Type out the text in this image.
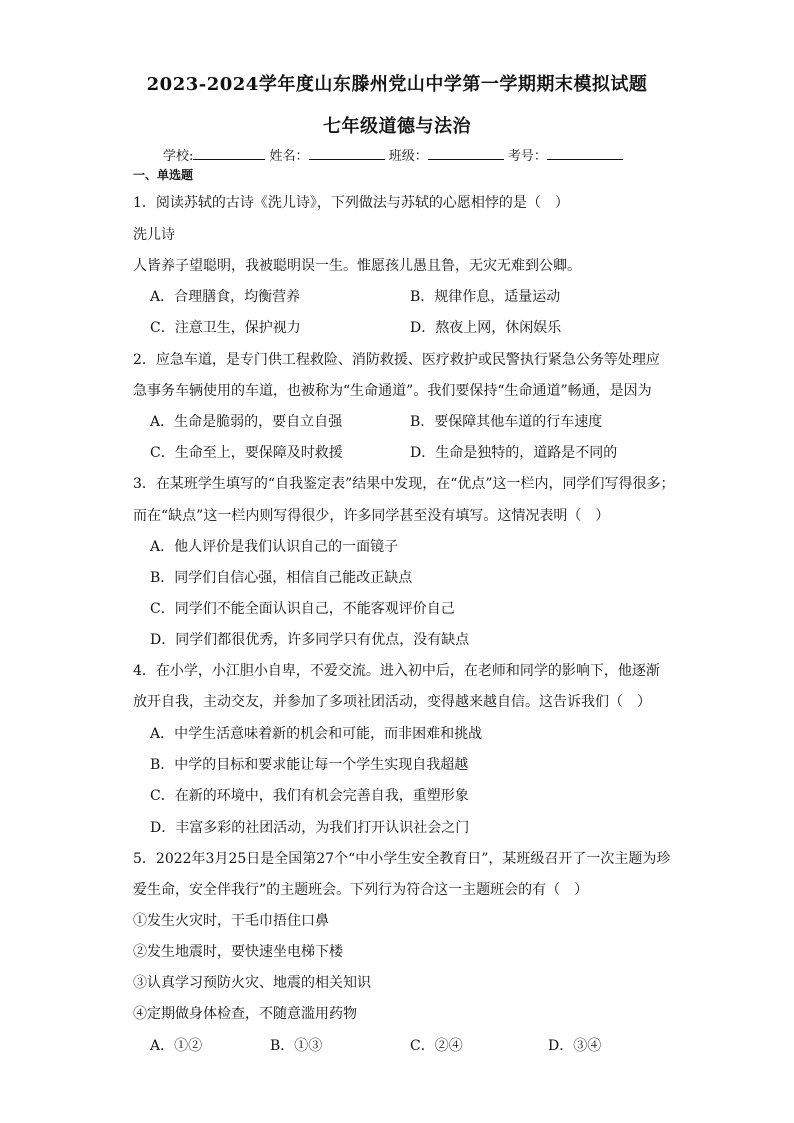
2023-2024学年度山东滕州党山中学第一学期期末模拟试题
七年级道德与法治
学校:	姓名：	班级：	考号：
一、单选题
1．阅读苏轼的古诗《洗儿诗》，下列做法与苏轼的心愿相悖的是（　）
洗儿诗
人皆养子望聪明，我被聪明误一生。惟愿孩儿愚且鲁，无灾无难到公卿。
A．合理膳食，均衡营养	B．规律作息，适量运动
C．注意卫生，保护视力	D．熬夜上网，休闲娱乐
2．应急车道，是专门供工程救险、消防救援、医疗救护或民警执行紧急公务等处理应
急事务车辆使用的车道，也被称为“生命通道”。我们要保持“生命通道”畅通，是因为
A．生命是脆弱的，要自立自强	B．要保障其他车道的行车速度
C．生命至上，要保障及时救援	D．生命是独特的，道路是不同的
3．在某班学生填写的“自我鉴定表”结果中发现，在“优点”这一栏内，同学们写得很多；
而在“缺点”这一栏内则写得很少，许多同学甚至没有填写。这情况表明（　）
A．他人评价是我们认识自己的一面镜子
B．同学们自信心强，相信自己能改正缺点
C．同学们不能全面认识自己，不能客观评价自己
D．同学们都很优秀，许多同学只有优点，没有缺点
4．在小学，小江胆小自卑，不爱交流。进入初中后，在老师和同学的影响下，他逐渐
放开自我，主动交友，并参加了多项社团活动，变得越来越自信。这告诉我们（　）
A．中学生活意味着新的机会和可能，而非困难和挑战
B．中学的目标和要求能让每一个学生实现自我超越
C．在新的环境中，我们有机会完善自我，重塑形象
D．丰富多彩的社团活动，为我们打开认识社会之门
5．2022年3月25日是全国第27个“中小学生安全教育日”，某班级召开了一次主题为珍
爱生命，安全伴我行”的主题班会。下列行为符合这一主题班会的有（　）
①发生火灾时，干毛巾捂住口鼻
②发生地震时，要快速坐电梯下楼
③认真学习预防火灾、地震的相关知识
④定期做身体检查，不随意滥用药物
A．①②	B．①③	C．②④	D．③④
